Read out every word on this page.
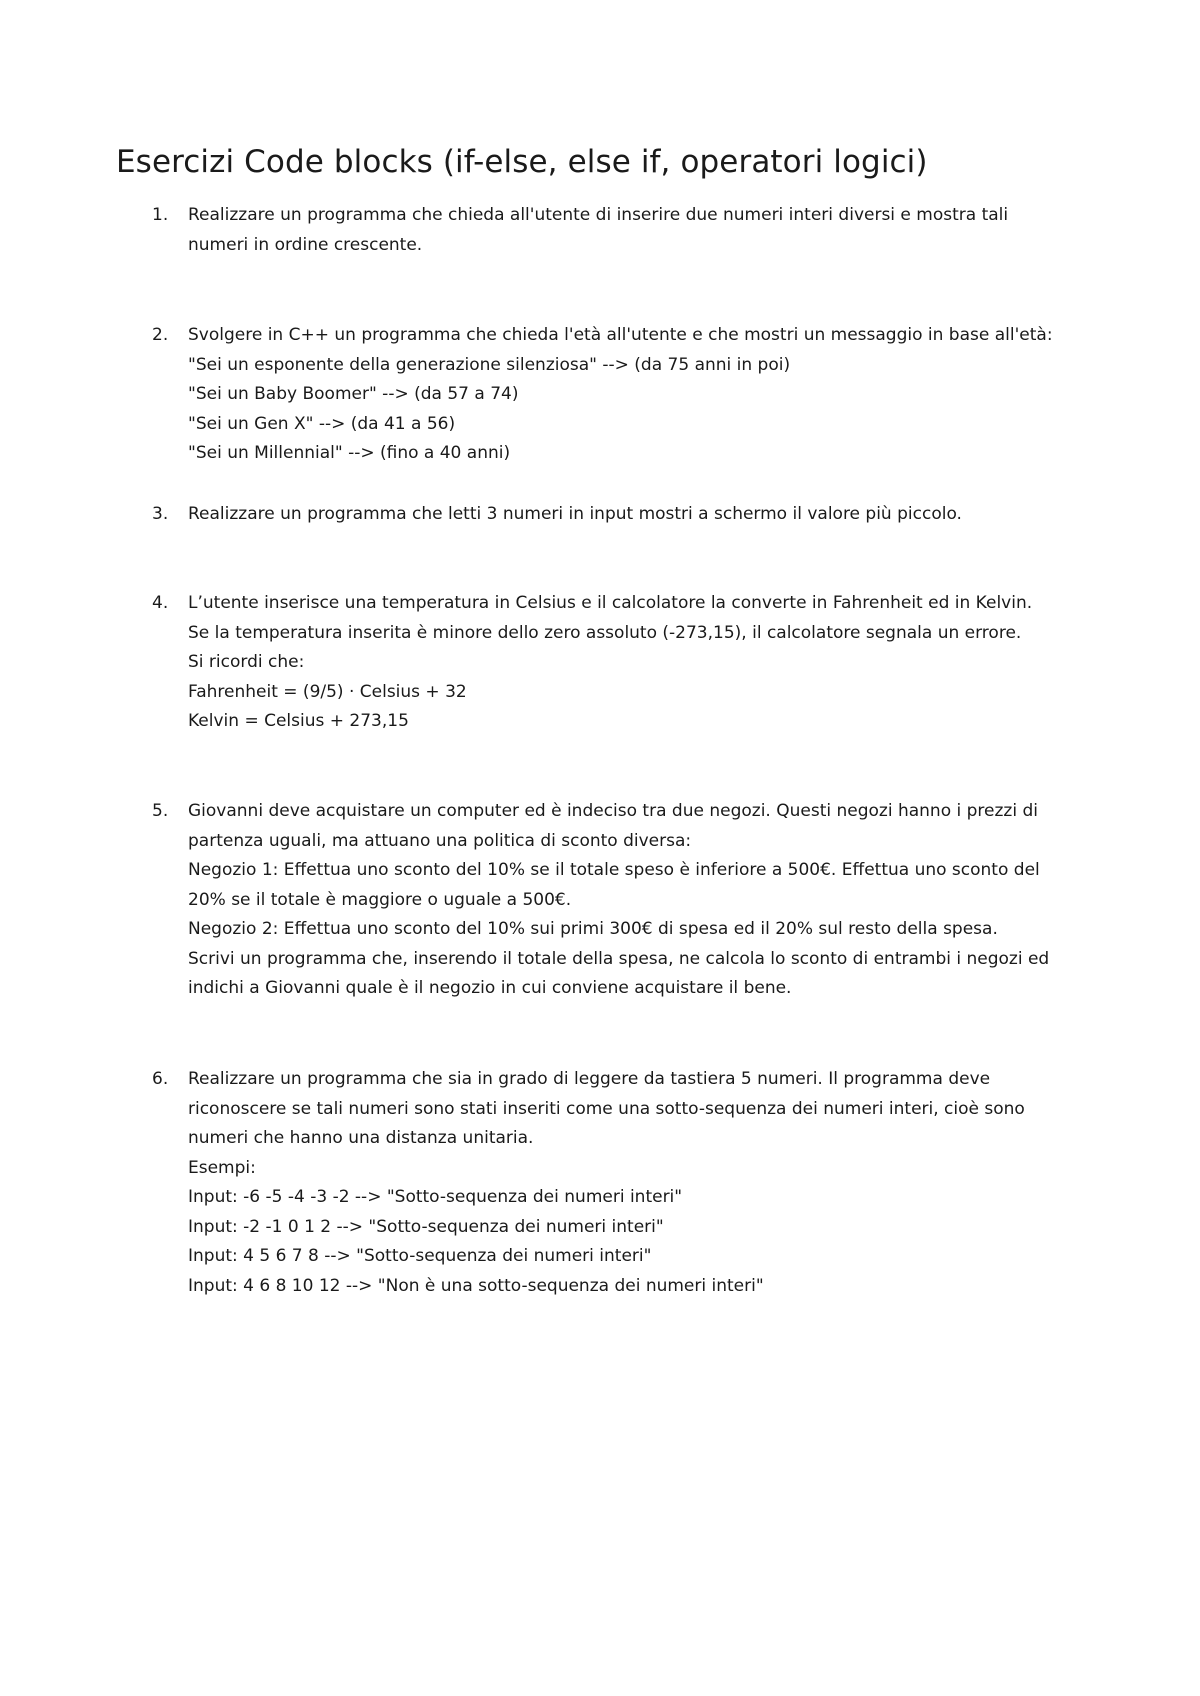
Esercizi Code blocks (if-else, else if, operatori logici)
1. Realizzare un programma che chieda all'utente di inserire due numeri interi diversi e mostra tali
numeri in ordine crescente.
2. Svolgere in C++ un programma che chieda l'età all'utente e che mostri un messaggio in base all'età:
"Sei un esponente della generazione silenziosa" --> (da 75 anni in poi)
"Sei un Baby Boomer" --> (da 57 a 74)
"Sei un Gen X" --> (da 41 a 56)
"Sei un Millennial" --> (fino a 40 anni)
3. Realizzare un programma che letti 3 numeri in input mostri a schermo il valore più piccolo.
4. L’utente inserisce una temperatura in Celsius e il calcolatore la converte in Fahrenheit ed in Kelvin.
Se la temperatura inserita è minore dello zero assoluto (-273,15), il calcolatore segnala un errore.
Si ricordi che:
Fahrenheit = (9/5) · Celsius + 32
Kelvin = Celsius + 273,15
5. Giovanni deve acquistare un computer ed è indeciso tra due negozi. Questi negozi hanno i prezzi di
partenza uguali, ma attuano una politica di sconto diversa:
Negozio 1: Effettua uno sconto del 10% se il totale speso è inferiore a 500€. Effettua uno sconto del
20% se il totale è maggiore o uguale a 500€.
Negozio 2: Effettua uno sconto del 10% sui primi 300€ di spesa ed il 20% sul resto della spesa.
Scrivi un programma che, inserendo il totale della spesa, ne calcola lo sconto di entrambi i negozi ed
indichi a Giovanni quale è il negozio in cui conviene acquistare il bene.
6. Realizzare un programma che sia in grado di leggere da tastiera 5 numeri. Il programma deve
riconoscere se tali numeri sono stati inseriti come una sotto-sequenza dei numeri interi, cioè sono
numeri che hanno una distanza unitaria.
Esempi:
Input: -6 -5 -4 -3 -2 --> "Sotto-sequenza dei numeri interi"
Input: -2 -1 0 1 2 --> "Sotto-sequenza dei numeri interi"
Input: 4 5 6 7 8 --> "Sotto-sequenza dei numeri interi"
Input: 4 6 8 10 12 --> "Non è una sotto-sequenza dei numeri interi"
